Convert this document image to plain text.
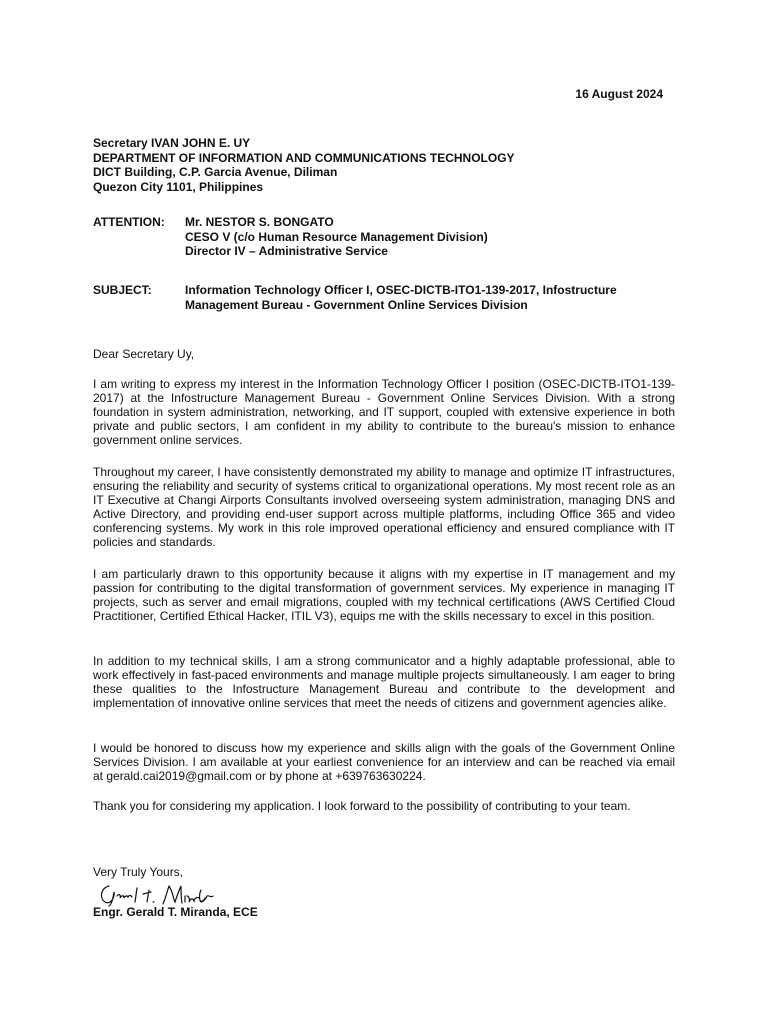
16 August 2024
Secretary IVAN JOHN E. UY
DEPARTMENT OF INFORMATION AND COMMUNICATIONS TECHNOLOGY
DICT Building, C.P. Garcia Avenue, Diliman
Quezon City 1101, Philippines
ATTENTION:	Mr. NESTOR S. BONGATO
CESO V (c/o Human Resource Management Division)
Director IV – Administrative Service
SUBJECT:	Information Technology Officer I, OSEC-DICTB-ITO1-139-2017, Infostructure
Management Bureau - Government Online Services Division
Dear Secretary Uy,

I am writing to express my interest in the Information Technology Officer I position (OSEC-DICTB-ITO1-139-2017) at the Infostructure Management Bureau - Government Online Services Division. With a strong foundation in system administration, networking, and IT support, coupled with extensive experience in both private and public sectors, I am confident in my ability to contribute to the bureau's mission to enhance government online services.

Throughout my career, I have consistently demonstrated my ability to manage and optimize IT infrastructures, ensuring the reliability and security of systems critical to organizational operations. My most recent role as an IT Executive at Changi Airports Consultants involved overseeing system administration, managing DNS and Active Directory, and providing end-user support across multiple platforms, including Office 365 and video conferencing systems. My work in this role improved operational efficiency and ensured compliance with IT policies and standards.

I am particularly drawn to this opportunity because it aligns with my expertise in IT management and my passion for contributing to the digital transformation of government services. My experience in managing IT projects, such as server and email migrations, coupled with my technical certifications (AWS Certified Cloud Practitioner, Certified Ethical Hacker, ITIL V3), equips me with the skills necessary to excel in this position.

In addition to my technical skills, I am a strong communicator and a highly adaptable professional, able to work effectively in fast-paced environments and manage multiple projects simultaneously. I am eager to bring these qualities to the Infostructure Management Bureau and contribute to the development and implementation of innovative online services that meet the needs of citizens and government agencies alike.

I would be honored to discuss how my experience and skills align with the goals of the Government Online Services Division. I am available at your earliest convenience for an interview and can be reached via email at gerald.cai2019@gmail.com or by phone at +639763630224.

Thank you for considering my application. I look forward to the possibility of contributing to your team.

Very Truly Yours,
Engr. Gerald T. Miranda, ECE
